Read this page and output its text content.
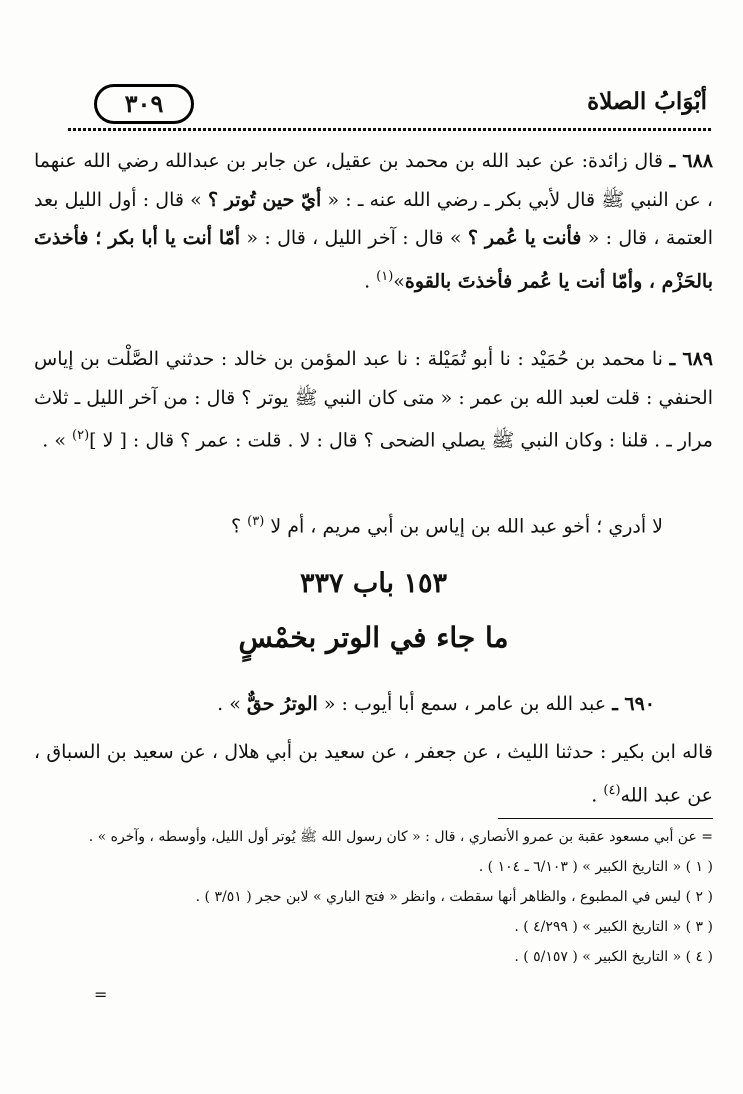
أبْوَابُ الصلاة
٣٠٩

٦٨٨ ـ قال زائدة: عن عبد الله بن محمد بن عقيل، عن جابر بن عبدالله رضي الله عنهما ، عن النبي ﷺ قال لأبي بكر ـ رضي الله عنه ـ : « أيّ حين تُوتر ؟ » قال : أول الليل بعد العتمة ، قال : « فأنت يا عُمر ؟ » قال : آخر الليل ، قال : « أمّا أنت يا أبا بكر ؛ فأخذتَ بالحَزْم ، وأمّا أنت يا عُمر فأخذتَ بالقوة»$^{(١)}$ .

٦٨٩ ـ نا محمد بن حُمَيْد : نا أبو تُمَيْلة : نا عبد المؤمن بن خالد : حدثني الصَّلْت بن إياس الحنفي : قلت لعبد الله بن عمر : « متى كان النبي ﷺ يوتر ؟ قال : من آخر الليل ـ ثلاث مرار ـ . قلنا : وكان النبي ﷺ يصلي الضحى ؟ قال : لا . قلت : عمر ؟ قال : [ لا ]$^{(٢)}$ » .

لا أدري ؛ أخو عبد الله بن إياس بن أبي مريم ، أم لا $^{(٣)}$ ؟

١٥٣ باب ٣٣٧
ما جاء في الوتر بخمْسٍ

٦٩٠ ـ عبد الله بن عامر ، سمع أبا أيوب : « الوترُ حقٌّ » .

قاله ابن بكير : حدثنا الليث ، عن جعفر ، عن سعيد بن أبي هلال ، عن سعيد بن السباق ، عن عبد الله$^{(٤)}$ .

= عن أبي مسعود عقبة بن عمرو الأنصاري ، قال : « كان رسول الله ﷺ يُوتر أول الليل، وأوسطه ، وآخره » .

( ١ ) « التاريخ الكبير » ( ٦/١٠٣ ـ ١٠٤ ) .

( ٢ ) ليس في المطبوع ، والظاهر أنها سقطت ، وانظر « فتح الباري » لابن حجر ( ٣/٥١ ) .

( ٣ ) « التاريخ الكبير » ( ٤/٢٩٩ ) .

( ٤ ) « التاريخ الكبير » ( ٥/١٥٧ ) .

=
